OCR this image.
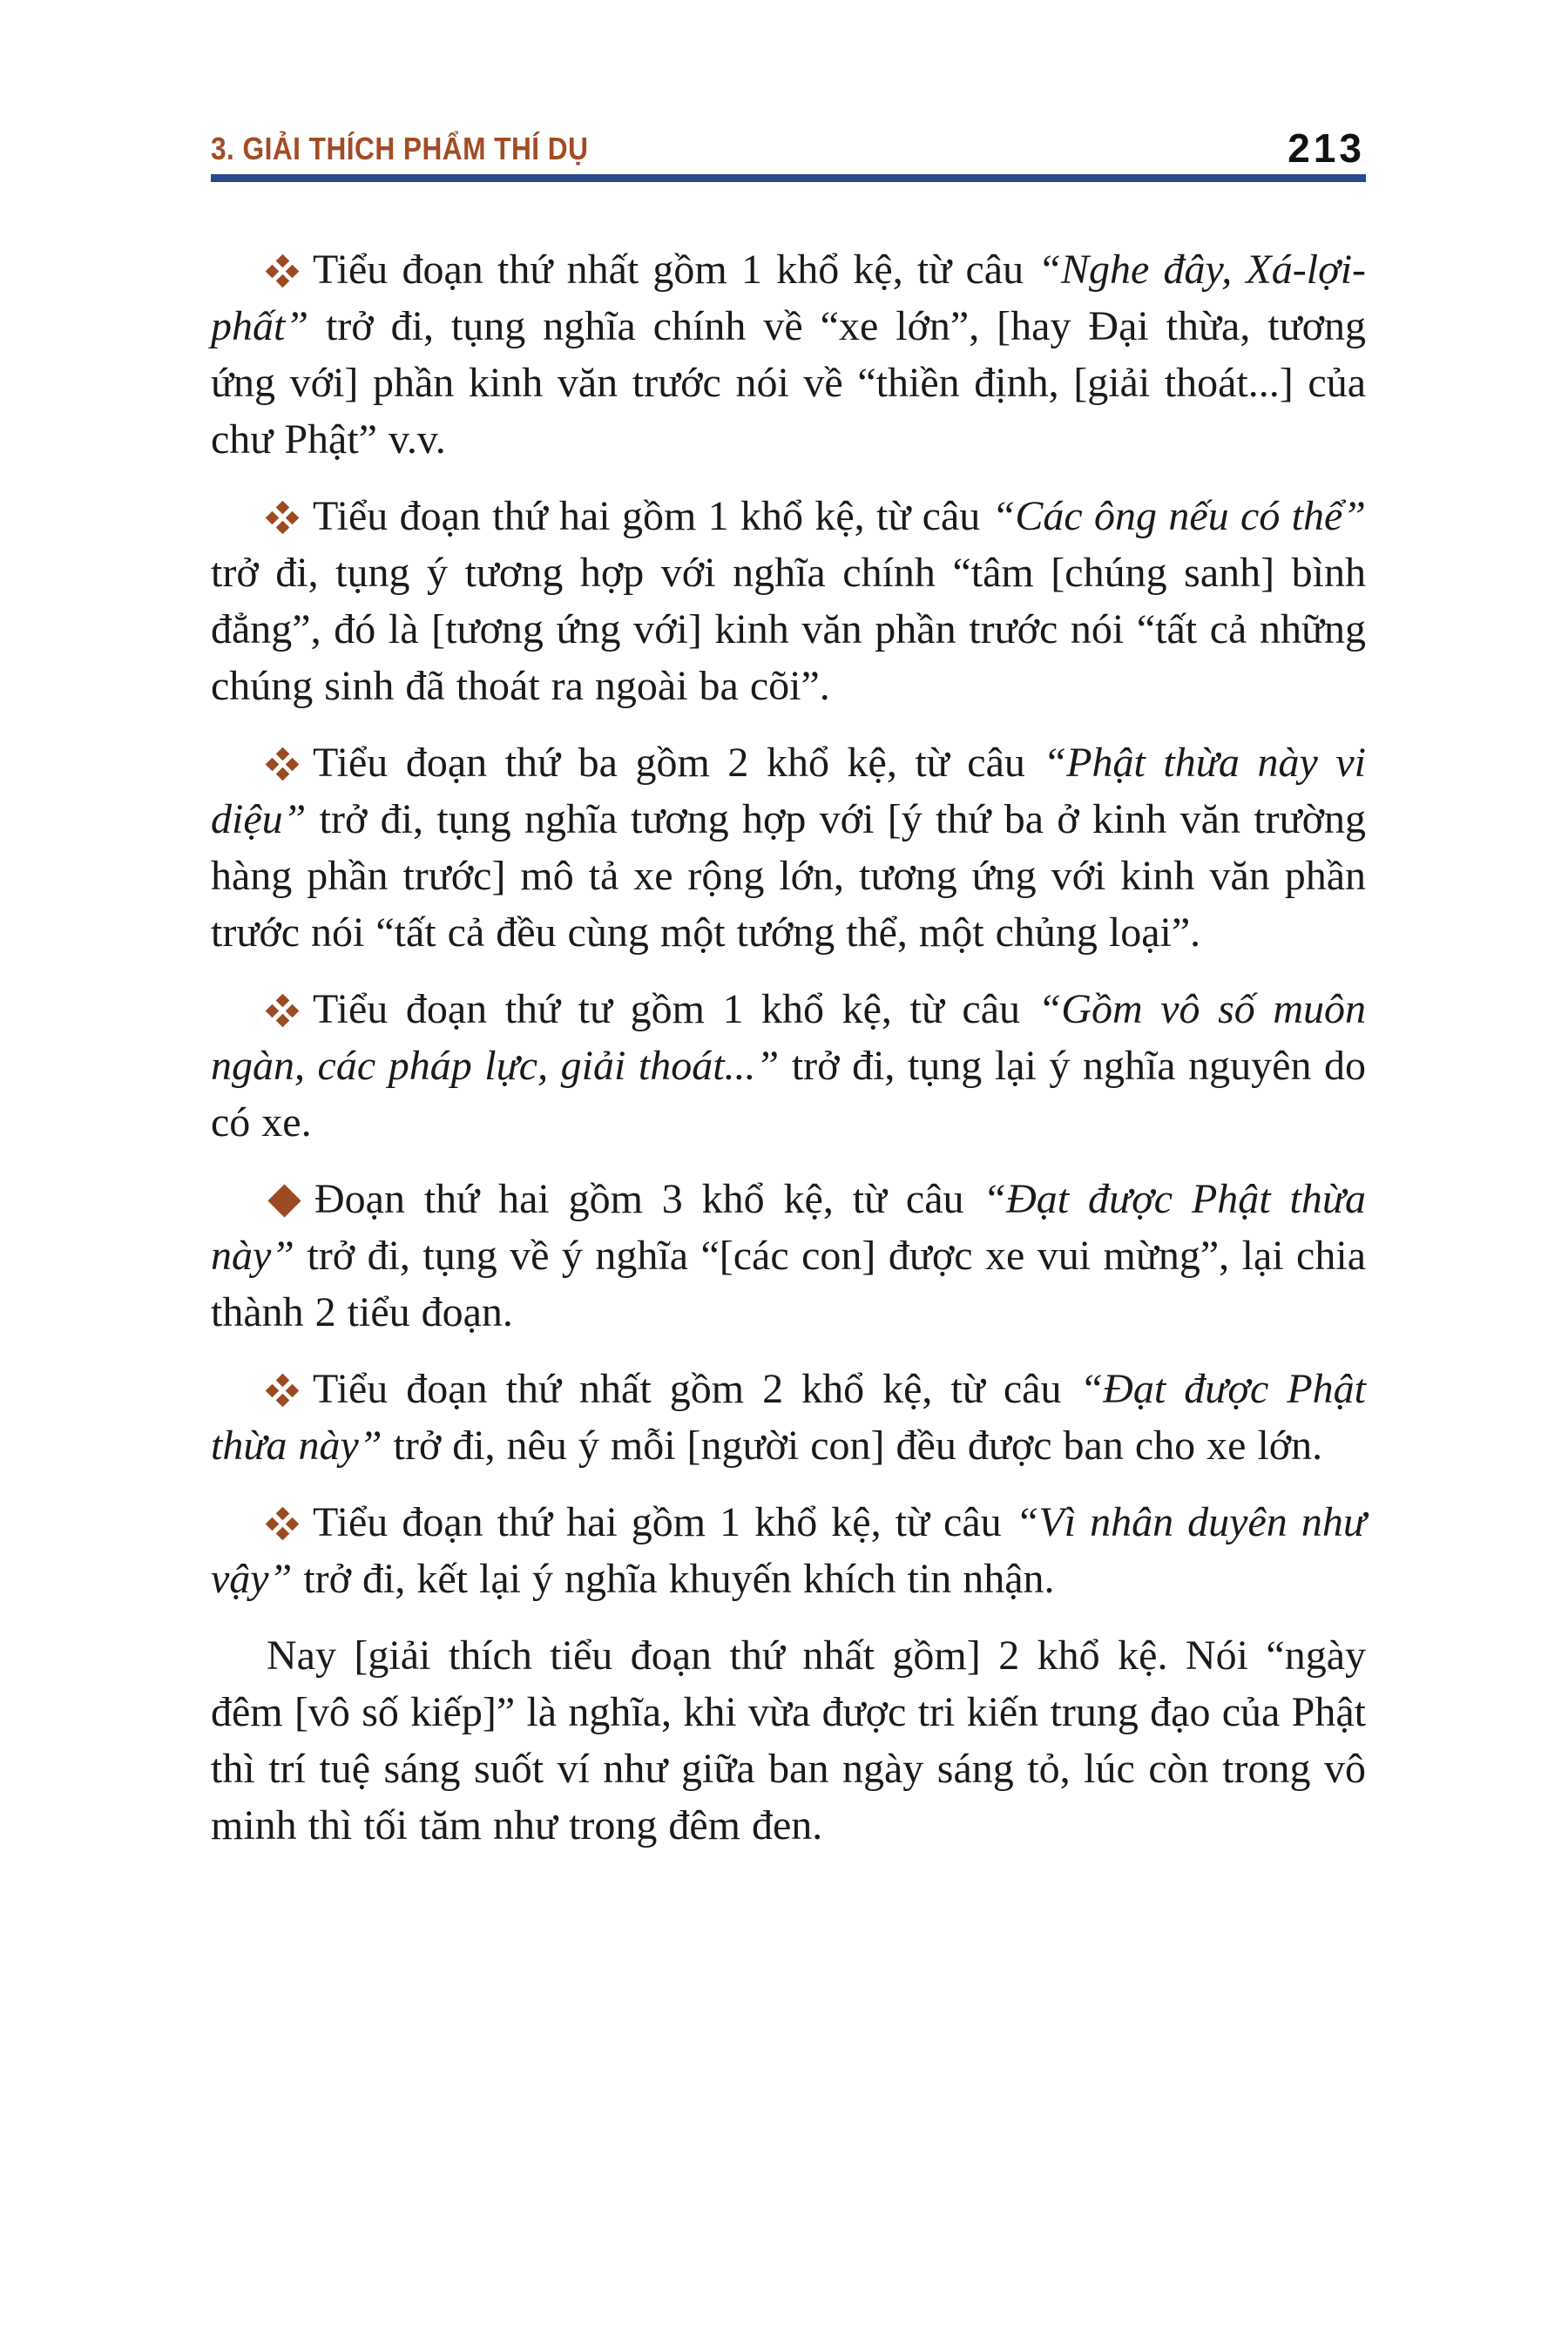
3. GIẢI THÍCH PHẨM THÍ DỤ	213

Tiểu đoạn thứ nhất gồm 1 khổ kệ, từ câu “Nghe đây, Xá-lợi-phất” trở đi, tụng nghĩa chính về “xe lớn”, [hay Đại thừa, tương ứng với] phần kinh văn trước nói về “thiền định, [giải thoát...] của chư Phật” v.v.

Tiểu đoạn thứ hai gồm 1 khổ kệ, từ câu “Các ông nếu có thể” trở đi, tụng ý tương hợp với nghĩa chính “tâm [chúng sanh] bình đẳng”, đó là [tương ứng với] kinh văn phần trước nói “tất cả những chúng sinh đã thoát ra ngoài ba cõi”.

Tiểu đoạn thứ ba gồm 2 khổ kệ, từ câu “Phật thừa này vi diệu” trở đi, tụng nghĩa tương hợp với [ý thứ ba ở kinh văn trường hàng phần trước] mô tả xe rộng lớn, tương ứng với kinh văn phần trước nói “tất cả đều cùng một tướng thể, một chủng loại”.

Tiểu đoạn thứ tư gồm 1 khổ kệ, từ câu “Gồm vô số muôn ngàn, các pháp lực, giải thoát...” trở đi, tụng lại ý nghĩa nguyên do có xe.

Đoạn thứ hai gồm 3 khổ kệ, từ câu “Đạt được Phật thừa này” trở đi, tụng về ý nghĩa “[các con] được xe vui mừng”, lại chia thành 2 tiểu đoạn.

Tiểu đoạn thứ nhất gồm 2 khổ kệ, từ câu “Đạt được Phật thừa này” trở đi, nêu ý mỗi [người con] đều được ban cho xe lớn.

Tiểu đoạn thứ hai gồm 1 khổ kệ, từ câu “Vì nhân duyên như vậy” trở đi, kết lại ý nghĩa khuyến khích tin nhận.

Nay [giải thích tiểu đoạn thứ nhất gồm] 2 khổ kệ. Nói “ngày đêm [vô số kiếp]” là nghĩa, khi vừa được tri kiến trung đạo của Phật thì trí tuệ sáng suốt ví như giữa ban ngày sáng tỏ, lúc còn trong vô minh thì tối tăm như trong đêm đen.
